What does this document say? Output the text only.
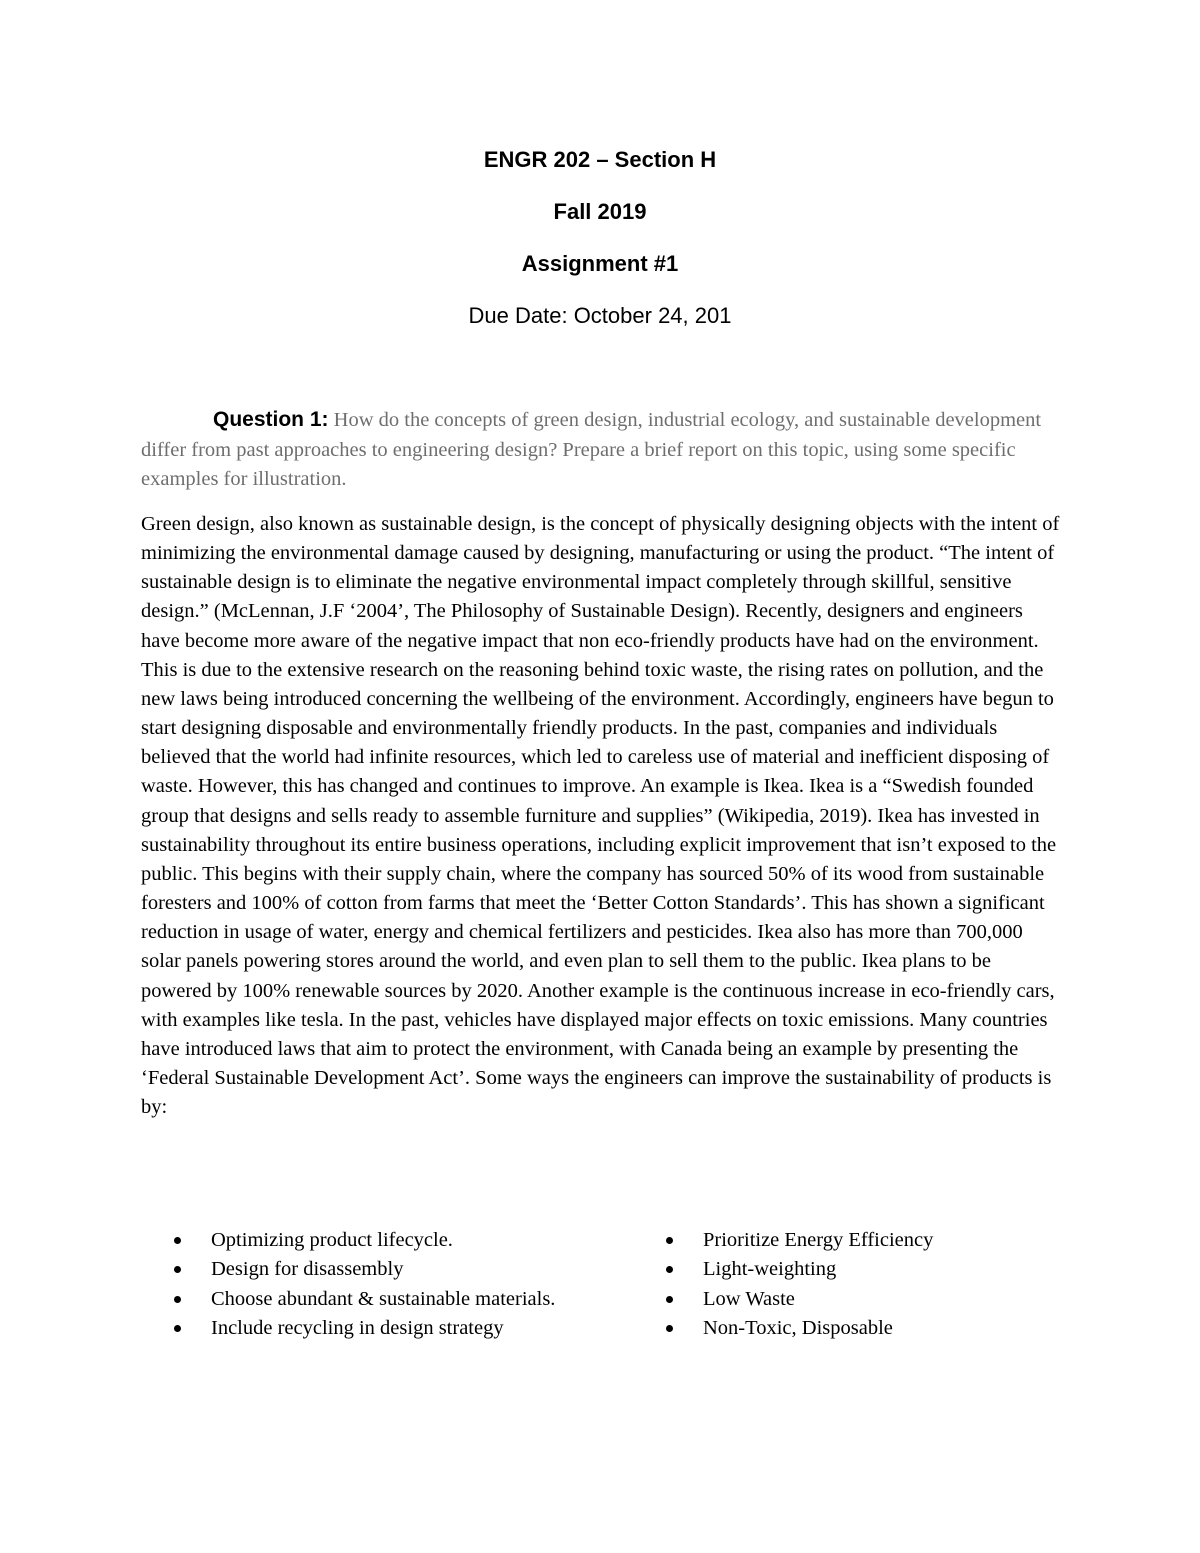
ENGR 202 – Section H

Fall 2019

Assignment #1

Due Date: October 24, 201

Question 1: How do the concepts of green design, industrial ecology, and sustainable development differ from past approaches to engineering design? Prepare a brief report on this topic, using some specific examples for illustration.

Green design, also known as sustainable design, is the concept of physically designing objects with the intent of minimizing the environmental damage caused by designing, manufacturing or using the product. “The intent of sustainable design is to eliminate the negative environmental impact completely through skillful, sensitive design.” (McLennan, J.F ‘2004’, The Philosophy of Sustainable Design). Recently, designers and engineers have become more aware of the negative impact that non eco-friendly products have had on the environment. This is due to the extensive research on the reasoning behind toxic waste, the rising rates on pollution, and the new laws being introduced concerning the wellbeing of the environment. Accordingly, engineers have begun to start designing disposable and environmentally friendly products. In the past, companies and individuals believed that the world had infinite resources, which led to careless use of material and inefficient disposing of waste. However, this has changed and continues to improve. An example is Ikea. Ikea is a “Swedish founded group that designs and sells ready to assemble furniture and supplies” (Wikipedia, 2019). Ikea has invested in sustainability throughout its entire business operations, including explicit improvement that isn’t exposed to the public. This begins with their supply chain, where the company has sourced 50% of its wood from sustainable foresters and 100% of cotton from farms that meet the ‘Better Cotton Standards’. This has shown a significant reduction in usage of water, energy and chemical fertilizers and pesticides. Ikea also has more than 700,000 solar panels powering stores around the world, and even plan to sell them to the public. Ikea plans to be powered by 100% renewable sources by 2020. Another example is the continuous increase in eco-friendly cars, with examples like tesla. In the past, vehicles have displayed major effects on toxic emissions. Many countries have introduced laws that aim to protect the environment, with Canada being an example by presenting the ‘Federal Sustainable Development Act’. Some ways the engineers can improve the sustainability of products is by:

Optimizing product lifecycle.
Design for disassembly
Choose abundant & sustainable materials.
Include recycling in design strategy
Prioritize Energy Efficiency
Light-weighting
Low Waste
Non-Toxic, Disposable
